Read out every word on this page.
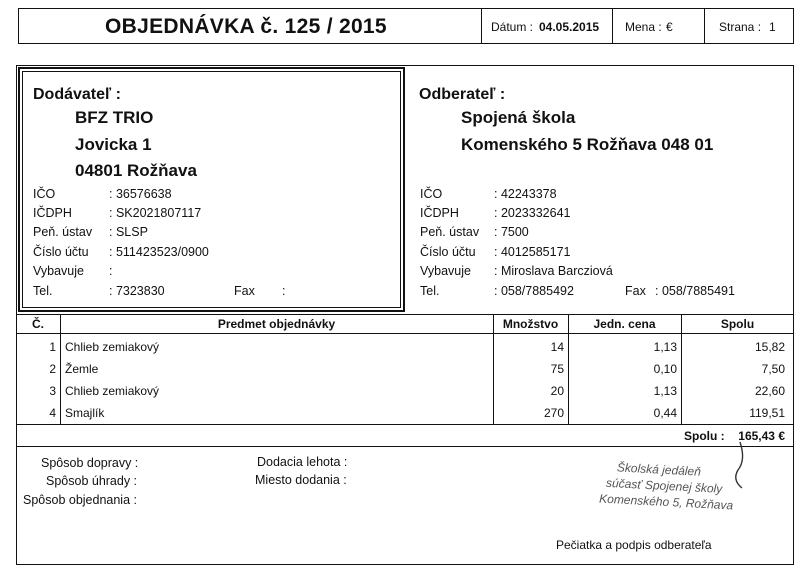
OBJEDNÁVKA č. 125 / 2015	Dátum : 04.05.2015 Mena : €	Strana : 1
Dodávateľ :
BFZ TRIO
Jovicka 1
04801 Rožňava
IČO	: 36576638
IČDPH	: SK2021807117
Peň. ústav : SLSP
Číslo účtu : 511423523/0900
Vybavuje :
Tel.	: 7323830	Fax :
Odberateľ :
Spojená škola
Komenského 5 Rožňava 048 01
IČO	: 42243378
IČDPH	: 2023332641
Peň. ústav : 7500
Číslo účtu : 4012585171
Vybavuje : Miroslava Barcziová
Tel.	: 058/7885492	Fax : 058/7885491
Č.	Predmet objednávky	Množstvo	Jedn. cena	Spolu
1 Chlieb zemiakový	14	1,13	15,82
2 Žemle	75	0,10	7,50
3 Chlieb zemiakový	20	1,13	22,60
4 Smajlík	270	0,44	119,51
Spolu :	165,43 €
Spôsob dopravy :
Spôsob úhrady :
Spôsob objednania :
Dodacia lehota :
Miesto dodania :
Školská jedáleň
súčasť Spojenej školy
Komenského 5, Rožňava
Pečiatka a podpis odberateľa
